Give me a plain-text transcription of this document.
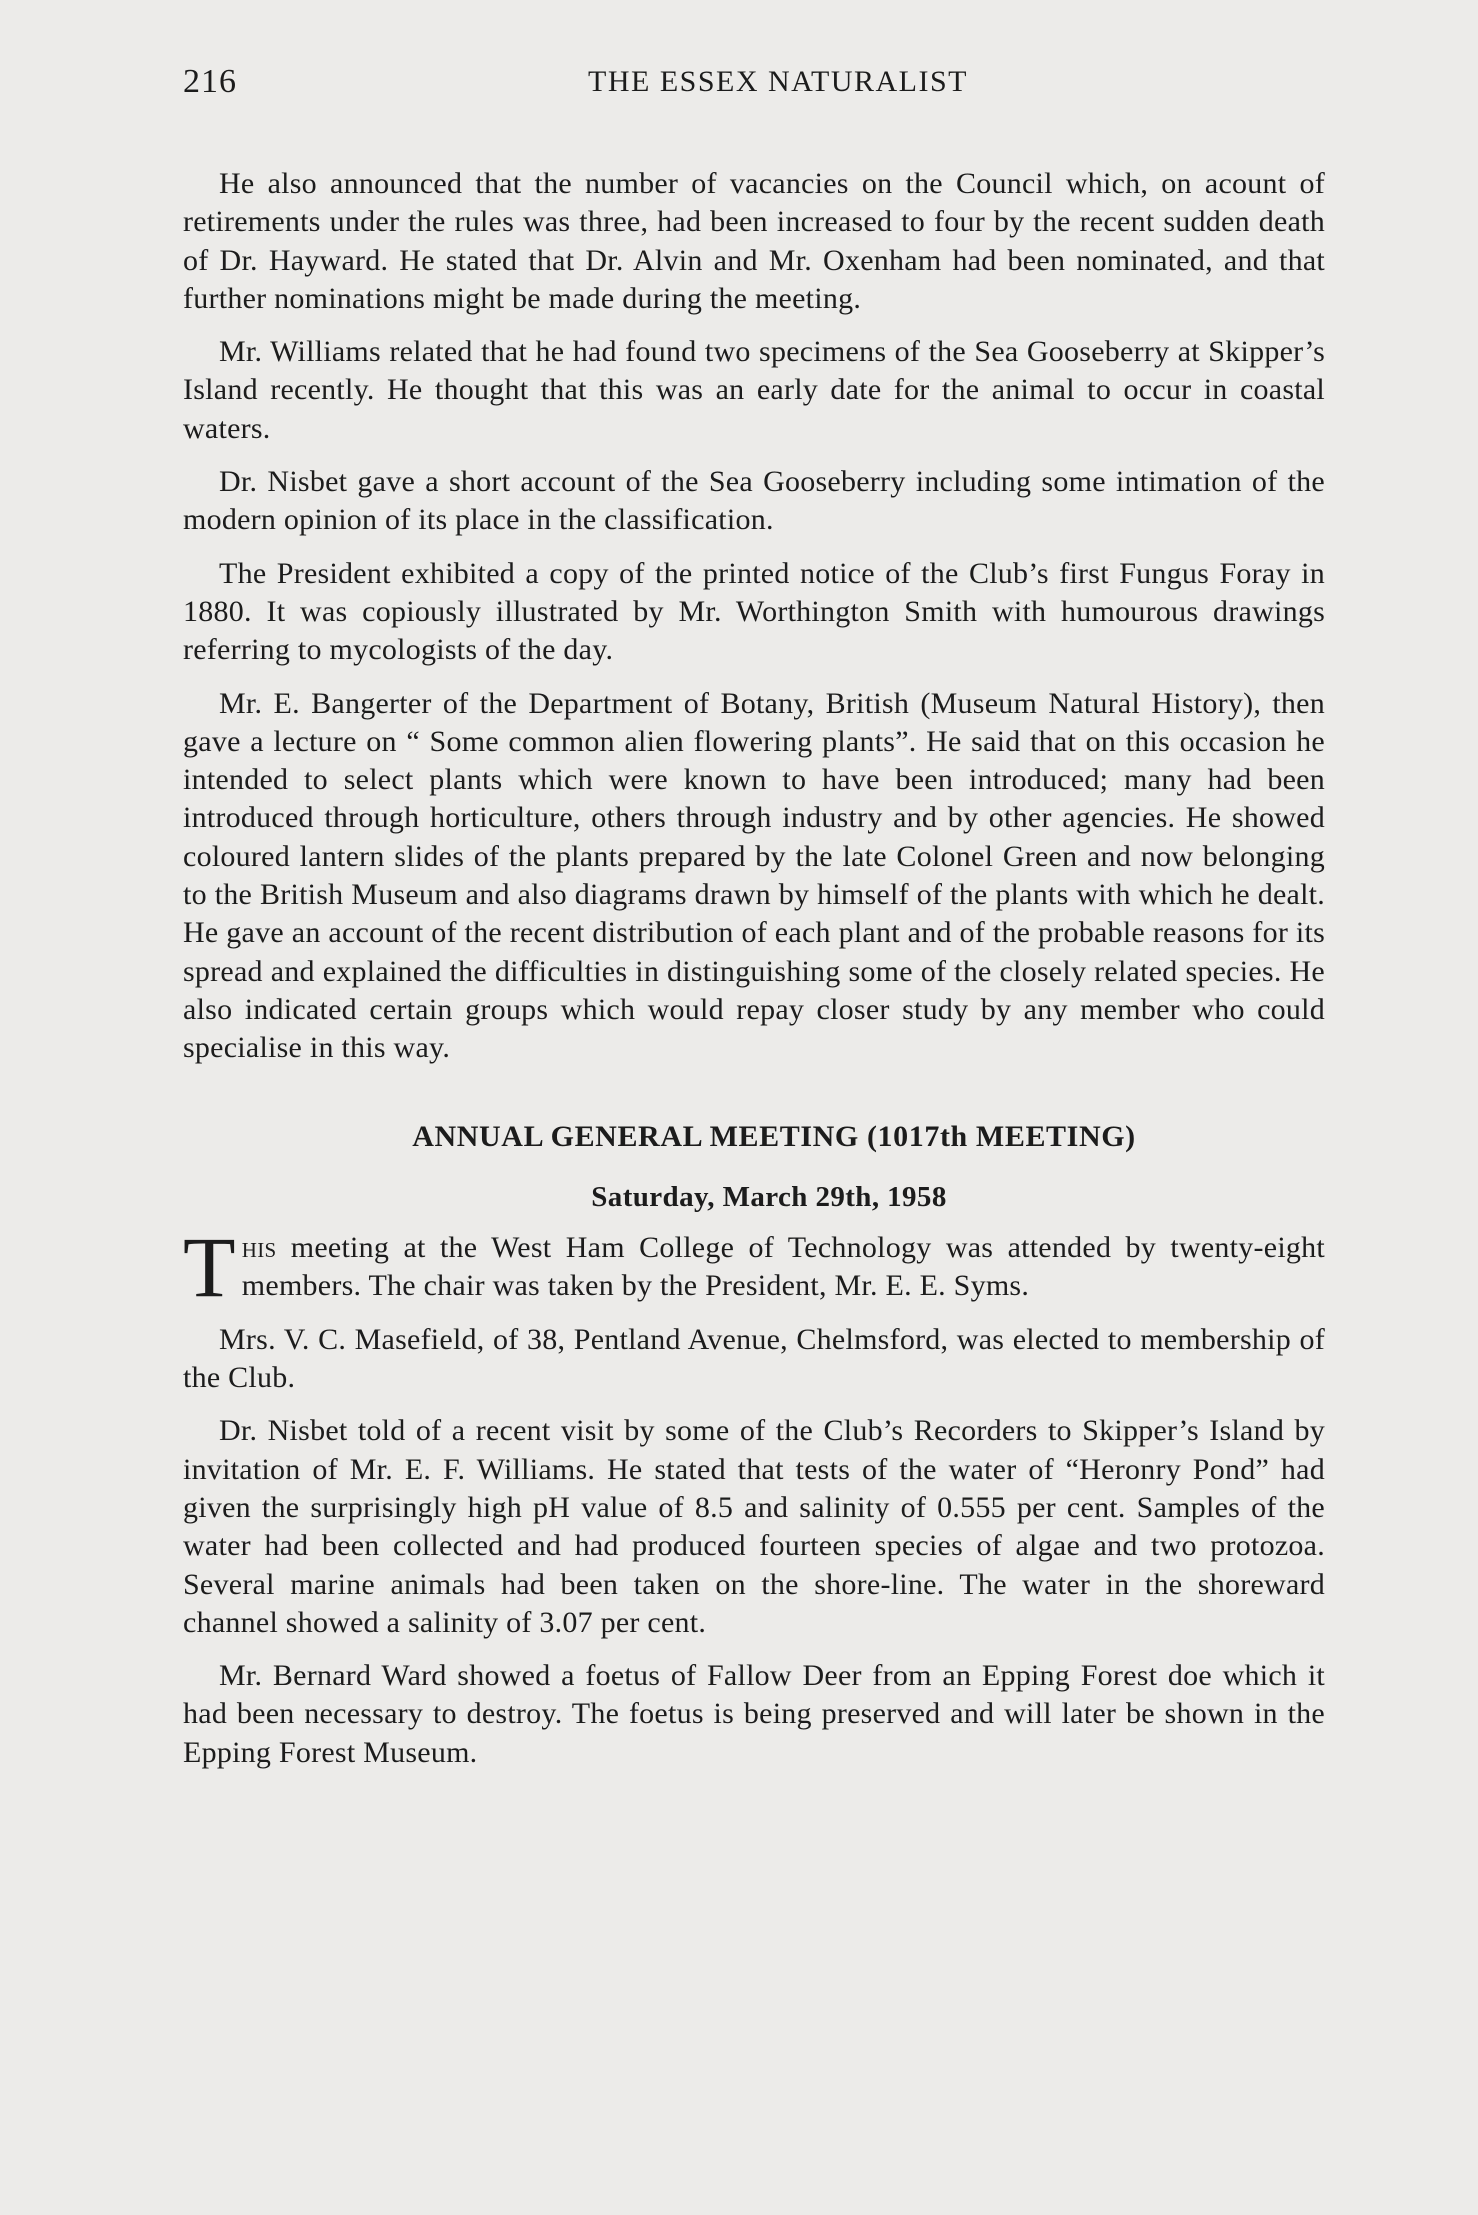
216	THE ESSEX NATURALIST

He also announced that the number of vacancies on the Council which, on acount of retirements under the rules was three, had been increased to four by the recent sudden death of Dr. Hayward. He stated that Dr. Alvin and Mr. Oxenham had been nominated, and that further nominations might be made during the meeting.

Mr. Williams related that he had found two specimens of the Sea Gooseberry at Skipper’s Island recently. He thought that this was an early date for the animal to occur in coastal waters.

Dr. Nisbet gave a short account of the Sea Gooseberry including some intimation of the modern opinion of its place in the classification.

The President exhibited a copy of the printed notice of the Club’s first Fungus Foray in 1880. It was copiously illustrated by Mr. Worthington Smith with humourous drawings referring to mycologists of the day.

Mr. E. Bangerter of the Department of Botany, British (Museum Natural History), then gave a lecture on “ Some common alien flowering plants”. He said that on this occasion he intended to select plants which were known to have been introduced; many had been introduced through horticulture, others through industry and by other agencies. He showed coloured lantern slides of the plants prepared by the late Colonel Green and now belonging to the British Museum and also diagrams drawn by himself of the plants with which he dealt. He gave an account of the recent distribution of each plant and of the probable reasons for its spread and explained the difficulties in distinguishing some of the closely related species. He also indicated certain groups which would repay closer study by any member who could specialise in this way.

ANNUAL GENERAL MEETING (1017th MEETING)
Saturday, March 29th, 1958

This meeting at the West Ham College of Technology was attended by twenty-eight members. The chair was taken by the President, Mr. E. E. Syms.

Mrs. V. C. Masefield, of 38, Pentland Avenue, Chelmsford, was elected to membership of the Club.

Dr. Nisbet told of a recent visit by some of the Club’s Recorders to Skipper’s Island by invitation of Mr. E. F. Williams. He stated that tests of the water of “Heronry Pond” had given the surprisingly high pH value of 8.5 and salinity of 0.555 per cent. Samples of the water had been collected and had produced fourteen species of algae and two protozoa. Several marine animals had been taken on the shore-line. The water in the shoreward channel showed a salinity of 3.07 per cent.

Mr. Bernard Ward showed a foetus of Fallow Deer from an Epping Forest doe which it had been necessary to destroy. The foetus is being preserved and will later be shown in the Epping Forest Museum.
